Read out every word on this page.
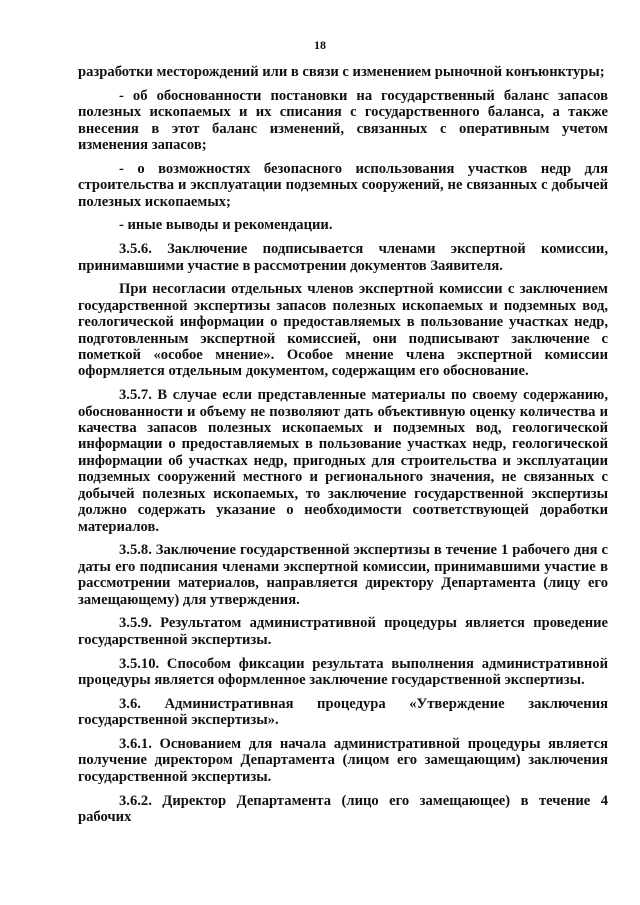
18

разработки месторождений или в связи с изменением рыночной конъюнктуры;

- об обоснованности постановки на государственный баланс запасов полезных ископаемых и их списания с государственного баланса, а также внесения в этот баланс изменений, связанных с оперативным учетом изменения запасов;

- о возможностях безопасного использования участков недр для строительства и эксплуатации подземных сооружений, не связанных с добычей полезных ископаемых;

- иные выводы и рекомендации.

3.5.6. Заключение подписывается членами экспертной комиссии, принимавшими участие в рассмотрении документов Заявителя.

При несогласии отдельных членов экспертной комиссии с заключением государственной экспертизы запасов полезных ископаемых и подземных вод, геологической информации о предоставляемых в пользование участках недр, подготовленным экспертной комиссией, они подписывают заключение с пометкой «особое мнение». Особое мнение члена экспертной комиссии оформляется отдельным документом, содержащим его обоснование.

3.5.7. В случае если представленные материалы по своему содержанию, обоснованности и объему не позволяют дать объективную оценку количества и качества запасов полезных ископаемых и подземных вод, геологической информации о предоставляемых в пользование участках недр, геологической информации об участках недр, пригодных для строительства и эксплуатации подземных сооружений местного и регионального значения, не связанных с добычей полезных ископаемых, то заключение государственной экспертизы должно содержать указание о необходимости соответствующей доработки материалов.

3.5.8. Заключение государственной экспертизы в течение 1 рабочего дня с даты его подписания членами экспертной комиссии, принимавшими участие в рассмотрении материалов, направляется директору Департамента (лицу его замещающему) для утверждения.

3.5.9. Результатом административной процедуры является проведение государственной экспертизы.

3.5.10. Способом фиксации результата выполнения административной процедуры является оформленное заключение государственной экспертизы.

3.6. Административная процедура «Утверждение заключения государственной экспертизы».

3.6.1. Основанием для начала административной процедуры является получение директором Департамента (лицом его замещающим) заключения государственной экспертизы.

3.6.2. Директор Департамента (лицо его замещающее) в течение 4 рабочих
